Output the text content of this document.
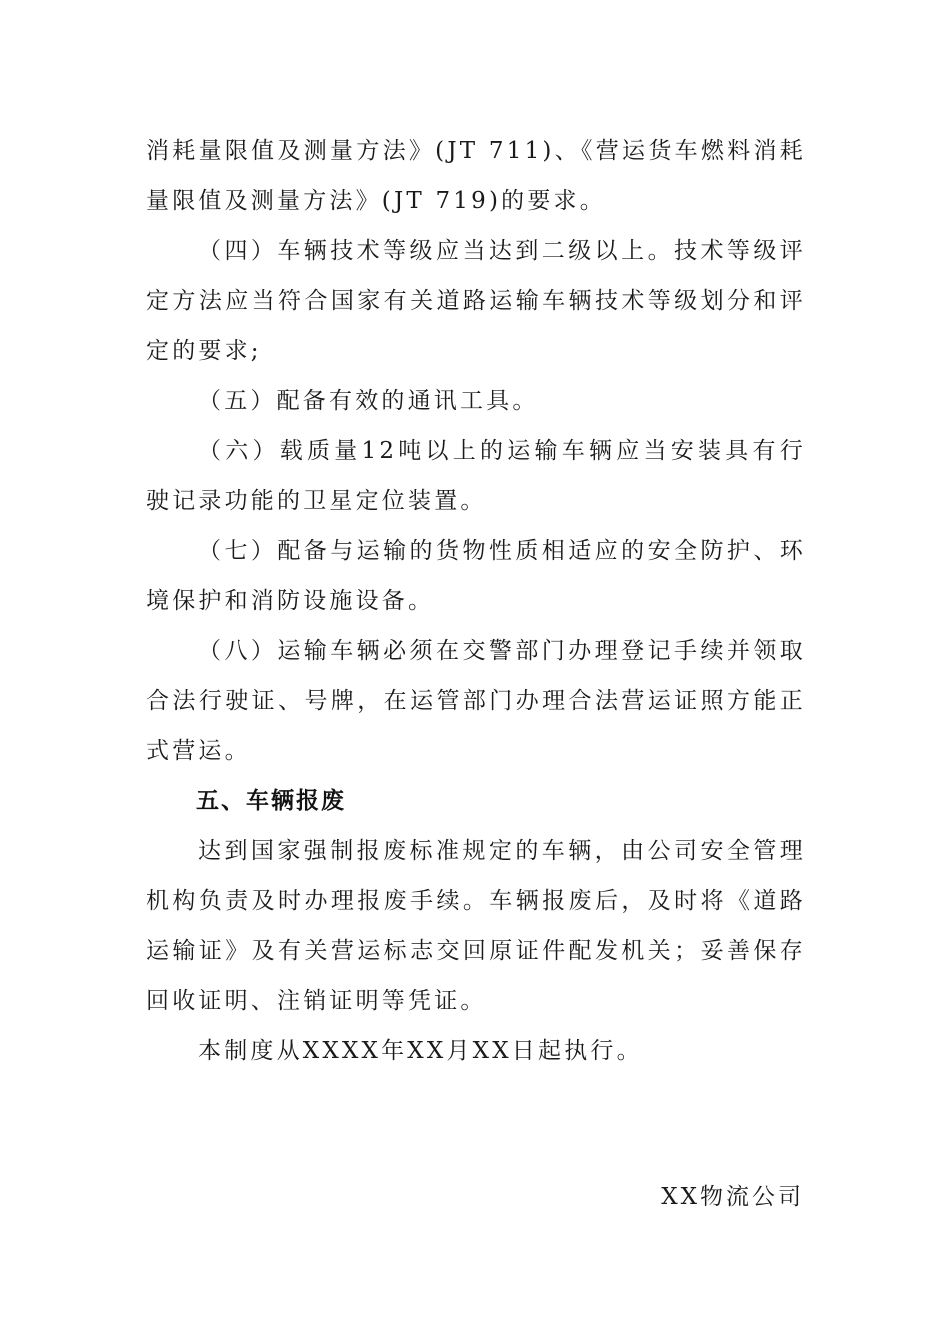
消耗量限值及测量方法》(JT 711)、《营运货车燃料消耗量限值及测量方法》(JT 719)的要求。

（四）车辆技术等级应当达到二级以上。技术等级评定方法应当符合国家有关道路运输车辆技术等级划分和评定的要求;

（五）配备有效的通讯工具。

（六）载质量12吨以上的运输车辆应当安装具有行驶记录功能的卫星定位装置。

（七）配备与运输的货物性质相适应的安全防护、环境保护和消防设施设备。

（八）运输车辆必须在交警部门办理登记手续并领取合法行驶证、号牌，在运管部门办理合法营运证照方能正式营运。

五、车辆报废

达到国家强制报废标准规定的车辆，由公司安全管理机构负责及时办理报废手续。车辆报废后，及时将《道路运输证》及有关营运标志交回原证件配发机关；妥善保存回收证明、注销证明等凭证。

本制度从XXXX年XX月XX日起执行。

XX物流公司
